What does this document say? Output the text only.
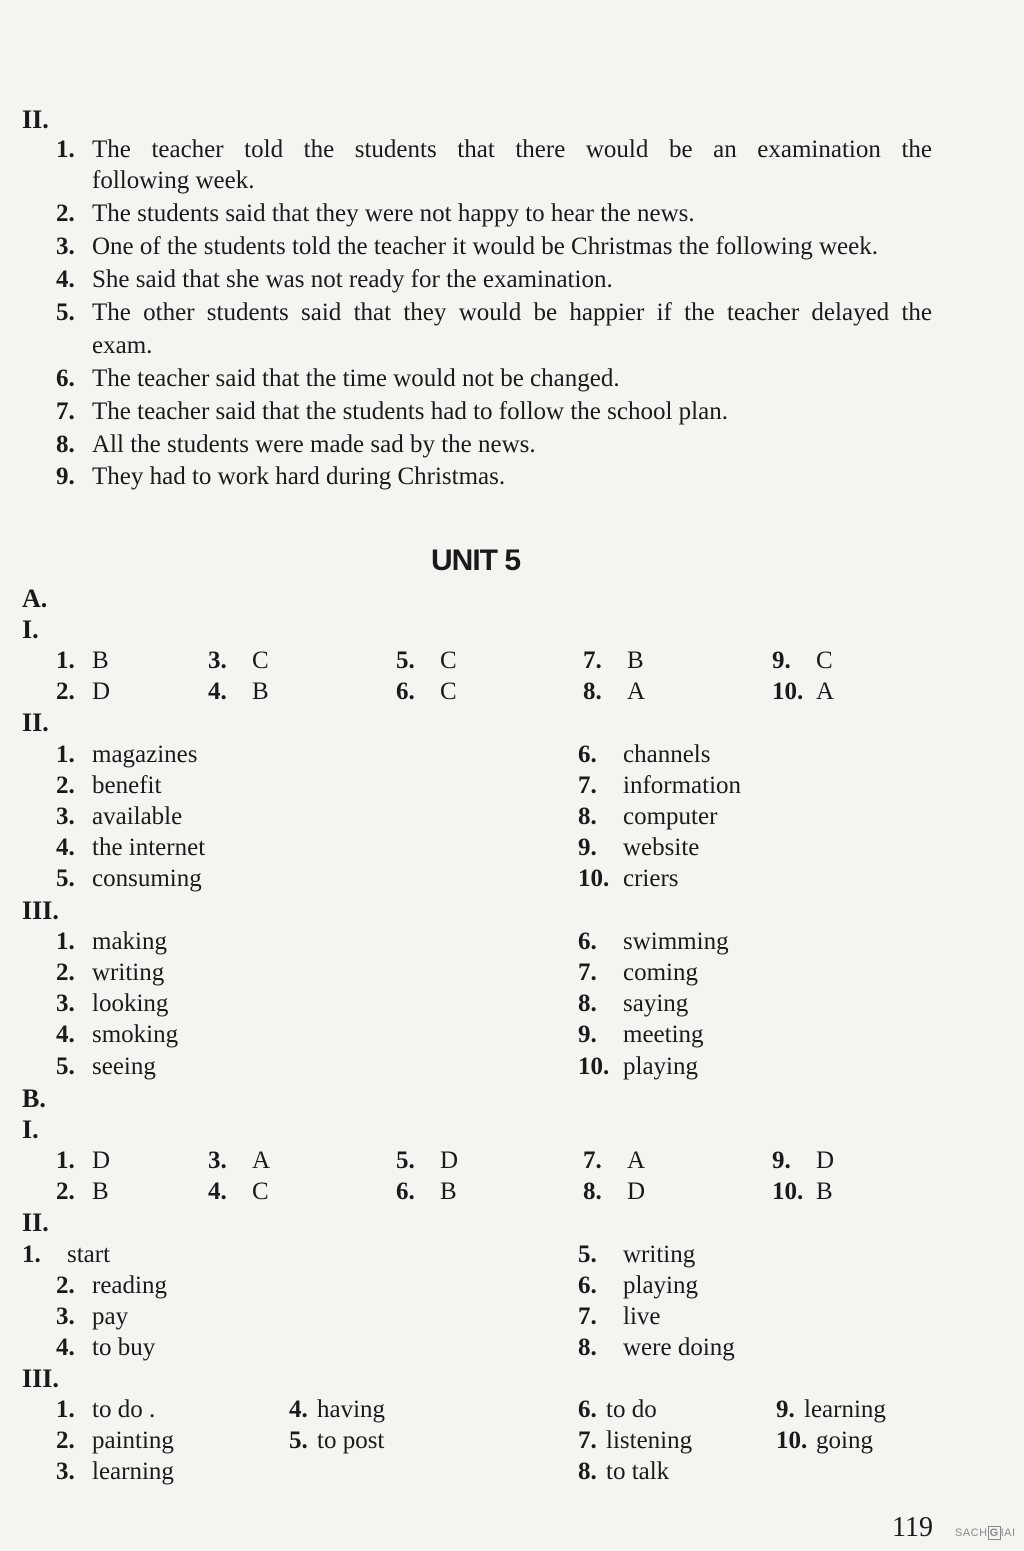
II.
1. The teacher told the students that there would be an examination the
following week.
2. The students said that they were not happy to hear the news.
3. One of the students told the teacher it would be Christmas the following week.
4. She said that she was not ready for the examination.
5. The other students said that they would be happier if the teacher delayed the
exam.
6. The teacher said that the time would not be changed.
7. The teacher said that the students had to follow the school plan.
8. All the students were made sad by the news.
9. They had to work hard during Christmas.
UNIT 5
A.
I.
1. B	3. C	5. C	7. B	9. C
2. D	4. B	6. C	8. A	10. A
II.
1. magazines
2. benefit
3. available
4. the internet
5. consuming
6. channels
7. information
8. computer
9. website
10. criers
III.
1. making
2. writing
3. looking
4. smoking
5. seeing
6. swimming
7. coming
8. saying
9. meeting
10. playing
B.
I.
1. D	3. A	5. D	7. A	9. D
2. B	4. C	6. B	8. D	10. B
II.
1. start
2. reading
3. pay
4. to buy
5. writing
6. playing
7. live
8. were doing
III.
1. to do .
2. painting
3. learning
4. having
5. to post
6. to do
7. listening
8. to talk
9. learning
10. going
119 SACH G IAI
